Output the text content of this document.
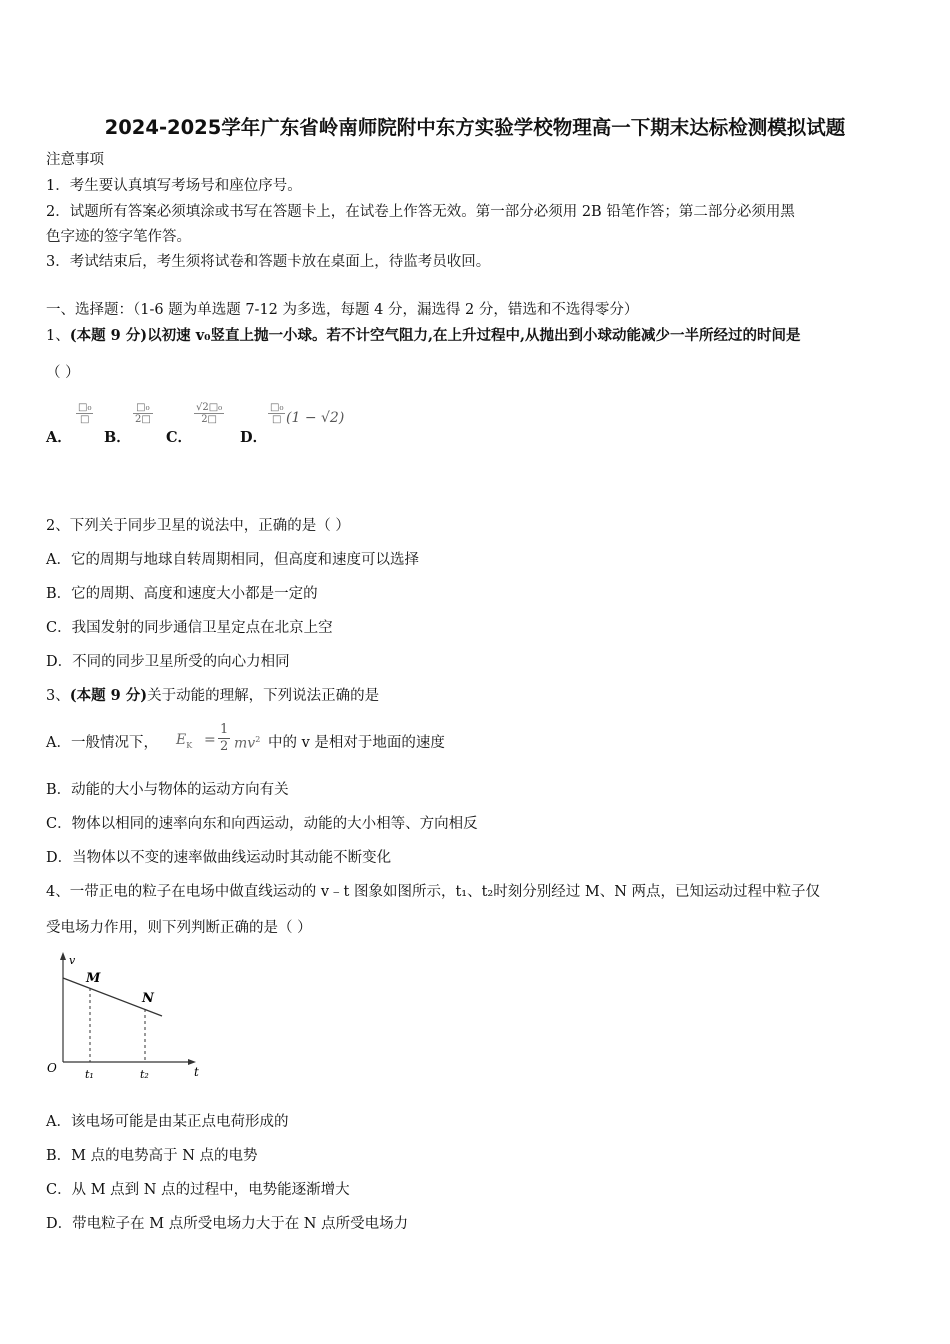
2024-2025学年广东省岭南师院附中东方实验学校物理高一下期末达标检测模拟试题
注意事项
1．考生要认真填写考场号和座位序号。
2．试题所有答案必须填涂或书写在答题卡上，在试卷上作答无效。第一部分必须用 2B 铅笔作答；第二部分必须用黑
色字迹的签字笔作答。
3．考试结束后，考生须将试卷和答题卡放在桌面上，待监考员收回。
一、选择题：（1-6 题为单选题 7-12 为多选，每题 4 分，漏选得 2 分，错选和不选得零分）
1、(本题 9 分)以初速 v₀竖直上抛一小球。若不计空气阻力,在上升过程中,从抛出到小球动能减少一半所经过的时间是
（ ）
A．
□₀
□
B．
□₀
2□
C．
$\frac{\text{√2□₀}}{2□}$
D．
□₀
□ (1 − √2)
2、下列关于同步卫星的说法中，正确的是（ ）
A．它的周期与地球自转周期相同，但高度和速度可以选择
B．它的周期、高度和速度大小都是一定的
C．我国发射的同步通信卫星定点在北京上空
D．不同的同步卫星所受的向心力相同
3、(本题 9 分)关于动能的理解，下列说法正确的是
A．一般情况下， $E_K = \frac{1}{2} mv^2$ 中的 v 是相对于地面的速度
B．动能的大小与物体的运动方向有关
C．物体以相同的速率向东和向西运动，动能的大小相等、方向相反
D．当物体以不变的速率做曲线运动时其动能不断变化
4、一带正电的粒子在电场中做直线运动的 v﹣t 图象如图所示，t₁、t₂时刻分别经过 M、N 两点，已知运动过程中粒子仅
受电场力作用，则下列判断正确的是（ ）
v
M
N
O	t₁	t₂	t
A．该电场可能是由某正点电荷形成的
B．M 点的电势高于 N 点的电势
C．从 M 点到 N 点的过程中，电势能逐渐增大
D．带电粒子在 M 点所受电场力大于在 N 点所受电场力
